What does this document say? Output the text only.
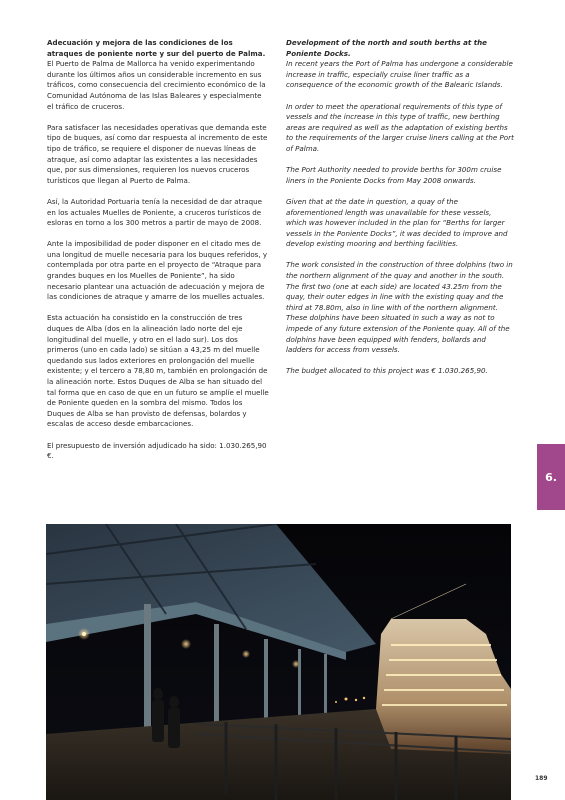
Adecuación y mejora de las condiciones de los atraques de poniente norte y sur del puerto de Palma.

El Puerto de Palma de Mallorca ha venido experimentando durante los últimos años un considerable incremento en sus tráficos, como consecuencia del crecimiento económico de la Comunidad Autónoma de las Islas Baleares y especialmente el tráfico de cruceros.

Para satisfacer las necesidades operativas que demanda este tipo de buques, así como dar respuesta al incremento de este tipo de tráfico, se requiere el disponer de nuevas líneas de atraque, así como adaptar las existentes a las necesidades que, por sus dimensiones, requieren los nuevos cruceros turísticos que llegan al Puerto de Palma.

Así, la Autoridad Portuaria tenía la necesidad de dar atraque en los actuales Muelles de Poniente, a cruceros turísticos de esloras en torno a los 300 metros a partir de mayo de 2008.

Ante la imposibilidad de poder disponer en el citado mes de una longitud de muelle necesaria para los buques referidos, y contemplada por otra parte en el proyecto de “Atraque para grandes buques en los Muelles de Poniente”, ha sido necesario plantear una actuación de adecuación y mejora de las condiciones de atraque y amarre de los muelles actuales.

Esta actuación ha consistido en la construcción de tres duques de Alba (dos en la alineación lado norte del eje longitudinal del muelle, y otro en el lado sur). Los dos primeros (uno en cada lado) se sitúan a 43,25 m del muelle quedando sus lados exteriores en prolongación del muelle existente; y el tercero a 78,80 m, también en prolongación de la alineación norte. Estos Duques de Alba se han situado del tal forma que en caso de que en un futuro se amplíe el muelle de Poniente queden en la sombra del mismo. Todos los Duques de Alba se han provisto de defensas, bolardos y escalas de acceso desde embarcaciones.

El presupuesto de inversión adjudicado ha sido: 1.030.265,90 €.

Development of the north and south berths at the Poniente Docks.

In recent years the Port of Palma has undergone a considerable increase in traffic, especially cruise liner traffic as a consequence of the economic growth of the Balearic Islands.

In order to meet the operational requirements of this type of vessels and the increase in this type of traffic, new berthing areas are required as well as the adaptation of existing berths to the requirements of the larger cruise liners calling at the Port of Palma.

The Port Authority needed to provide berths for 300m cruise liners in the Poniente Docks from May 2008 onwards.

Given that at the date in question, a quay of the aforementioned length was unavailable for these vessels, which was however included in the plan for “Berths for larger vessels in the Poniente Docks”, it was decided to improve and develop existing mooring and berthing facilities.

The work consisted in the construction of three dolphins (two in the northern alignment of the quay and another in the south. The first two (one at each side) are located 43.25m from the quay, their outer edges in line with the existing quay and the third at 78.80m, also in line with of the northern alignment. These dolphins have been situated in such a way as not to impede of any future extension of the Poniente quay. All of the dolphins have been equipped with fenders, bollards and ladders for access from vessels.

The budget allocated to this project was € 1.030.265,90.

6.
189
